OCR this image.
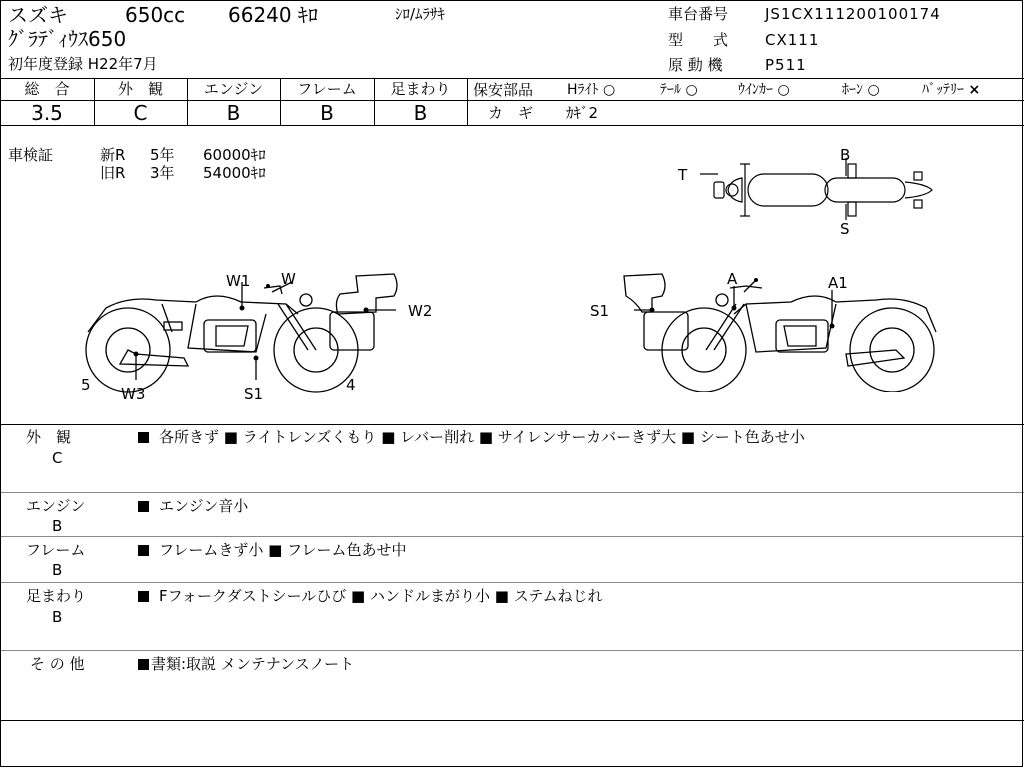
スズキ	650cc 66240 ｷﾛ	ｼﾛ/ﾑﾗｻｷ
ｸﾞﾗﾃﾞｨｳｽ650
初年度登録 H22年7月
車台番号 JS1CX111200100174
型　　式 CX111
原 動 機	P511
総　合	外　観	エンジン	フレーム	足まわり
3.5	C	B	B	B
保安部品 Hﾗｲﾄ ○	ﾃｰﾙ ○	ｳｲﾝｶｰ ○	ﾎｰﾝ ○	ﾊﾞｯﾃﾘｰ ×
カ　ギ ｶｷﾞ2
車検証	新R 5年 60000ｷﾛ
旧R 3年 54000ｷﾛ	T
B
S
W1 W
W2
W3	S1
5	4
A	A1
S1
外　観
C
各所きず ■ ライトレンズくもり ■ レバー削れ ■ サイレンサーカバーきず大 ■ シート色あせ小
エンジン
B
エンジン音小
フレーム
B
フレームきず小 ■ フレーム色あせ中
足まわり
B
Fフォークダストシールひび ■ ハンドルまがり小 ■ ステムねじれ
そ の 他	書類:取説 メンテナンスノート
